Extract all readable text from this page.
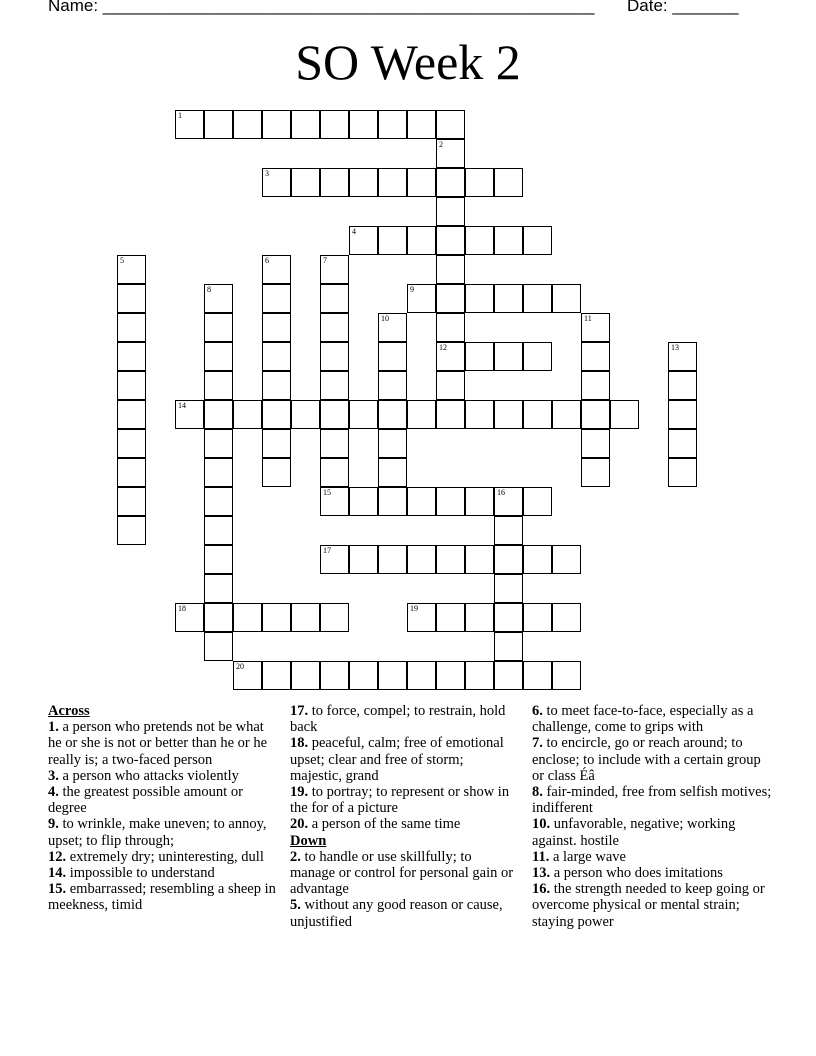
Name: ____________________________________________________ Date: _______
SO Week 2
1
2
12
3
4
5	6	7
8	9
10	11
13
14
15	16
17
18	19
20
Across
1. a person who pretends not be what he or she is not or better than he or he really is; a two-faced person
3. a person who attacks violently
4. the greatest possible amount or degree
9. to wrinkle, make uneven; to annoy, upset; to flip through;
12. extremely dry; uninteresting, dull
14. impossible to understand
15. embarrassed; resembling a sheep in meekness, timid
17. to force, compel; to restrain, hold back
18. peaceful, calm; free of emotional upset; clear and free of storm; majestic, grand
19. to portray; to represent or show in the for of a picture
20. a person of the same time
Down
2. to handle or use skillfully; to manage or control for personal gain or advantage
5. without any good reason or cause, unjustified
6. to meet face-to-face, especially as a challenge, come to grips with
7. to encircle, go or reach around; to enclose; to include with a certain group or class Éâ
8. fair-minded, free from selfish motives; indifferent
10. unfavorable, negative; working against. hostile
11. a large wave
13. a person who does imitations
16. the strength needed to keep going or overcome physical or mental strain; staying power
